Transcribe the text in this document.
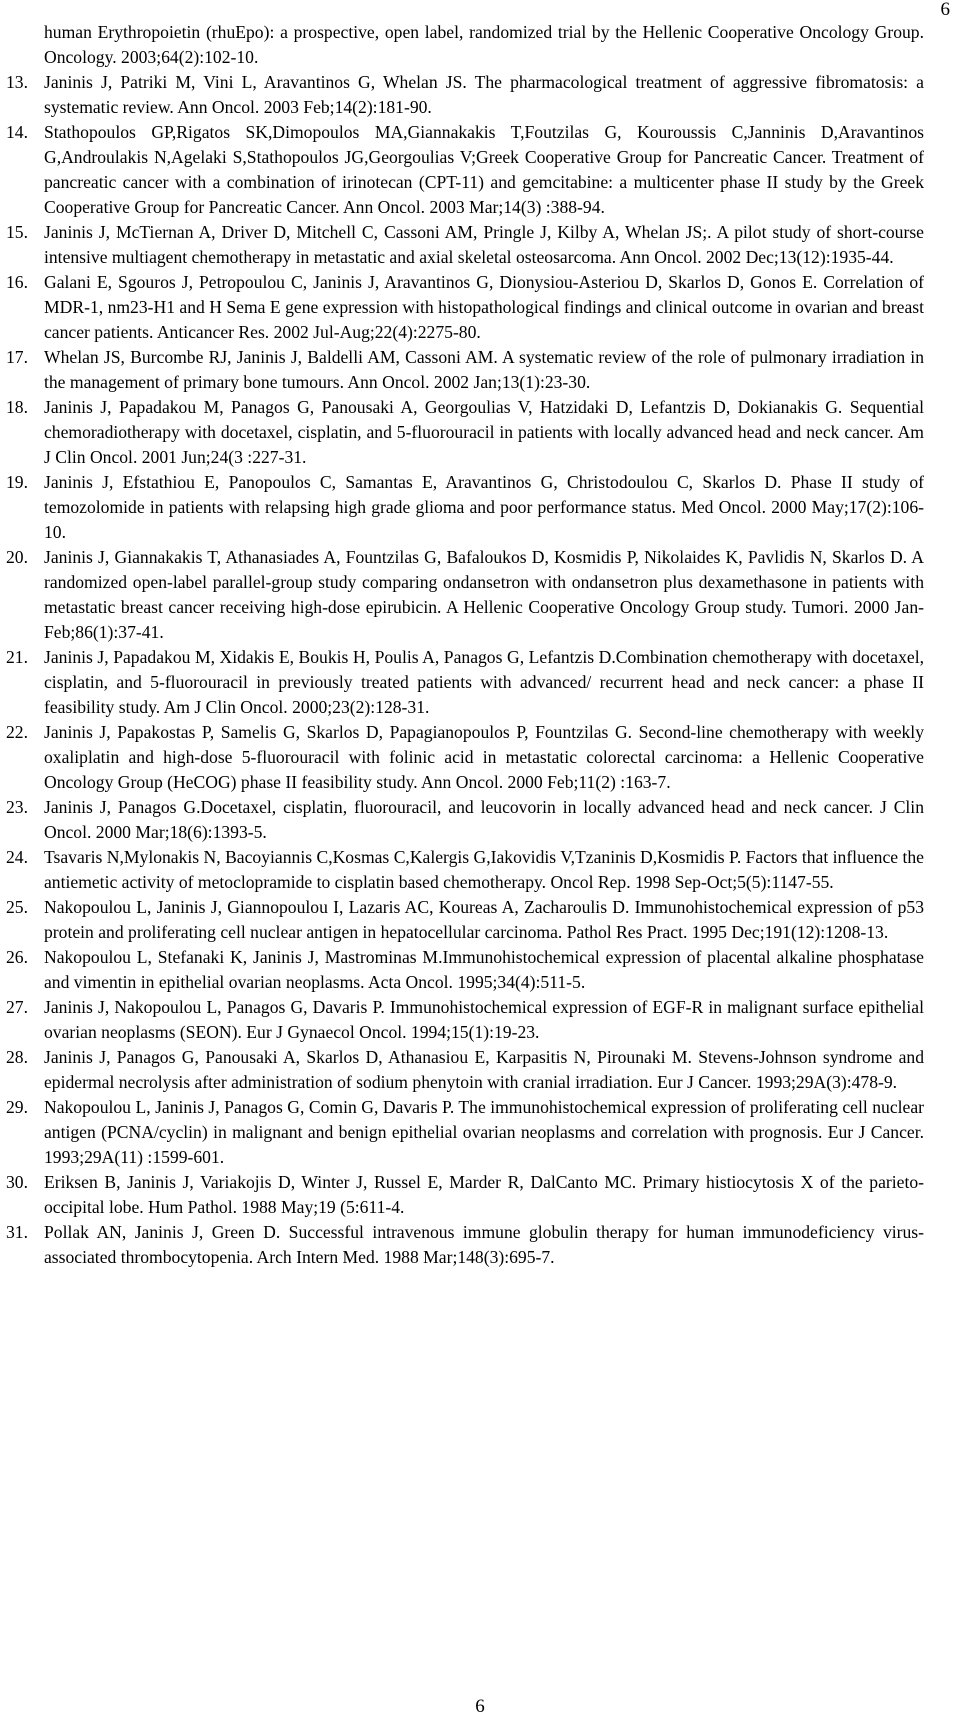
6
human Erythropoietin (rhuEpo): a prospective, open label, randomized trial by the Hellenic Cooperative Oncology Group. Oncology. 2003;64(2):102-10.
13. Janinis J, Patriki M, Vini L, Aravantinos G, Whelan JS. The pharmacological treatment of aggressive fibromatosis: a systematic review. Ann Oncol. 2003 Feb;14(2):181-90.
14. Stathopoulos GP,Rigatos SK,Dimopoulos MA,Giannakakis T,Foutzilas G, Kouroussis C,Janninis D,Aravantinos G,Androulakis N,Agelaki S,Stathopoulos JG,Georgoulias V;Greek Cooperative Group for Pancreatic Cancer. Treatment of pancreatic cancer with a combination of irinotecan (CPT-11) and gemcitabine: a multicenter phase II study by the Greek Cooperative Group for Pancreatic Cancer. Ann Oncol. 2003 Mar;14(3) :388-94.
15. Janinis J, McTiernan A, Driver D, Mitchell C, Cassoni AM, Pringle J, Kilby A, Whelan JS;. A pilot study of short-course intensive multiagent chemotherapy in metastatic and axial skeletal osteosarcoma. Ann Oncol. 2002 Dec;13(12):1935-44.
16. Galani E, Sgouros J, Petropoulou C, Janinis J, Aravantinos G, Dionysiou-Asteriou D, Skarlos D, Gonos E. Correlation of MDR-1, nm23-H1 and H Sema E gene expression with histopathological findings and clinical outcome in ovarian and breast cancer patients. Anticancer Res. 2002 Jul-Aug;22(4):2275-80.
17. Whelan JS, Burcombe RJ, Janinis J, Baldelli AM, Cassoni AM. A systematic review of the role of pulmonary irradiation in the management of primary bone tumours. Ann Oncol. 2002 Jan;13(1):23-30.
18. Janinis J, Papadakou M, Panagos G, Panousaki A, Georgoulias V, Hatzidaki D, Lefantzis D, Dokianakis G. Sequential chemoradiotherapy with docetaxel, cisplatin, and 5-fluorouracil in patients with locally advanced head and neck cancer. Am J Clin Oncol. 2001 Jun;24(3 :227-31.
19. Janinis J, Efstathiou E, Panopoulos C, Samantas E, Aravantinos G, Christodoulou C, Skarlos D. Phase II study of temozolomide in patients with relapsing high grade glioma and poor performance status. Med Oncol. 2000 May;17(2):106-10.
20. Janinis J, Giannakakis T, Athanasiades A, Fountzilas G, Bafaloukos D, Kosmidis P, Nikolaides K, Pavlidis N, Skarlos D. A randomized open-label parallel-group study comparing ondansetron with ondansetron plus dexamethasone in patients with metastatic breast cancer receiving high-dose epirubicin. A Hellenic Cooperative Oncology Group study. Tumori. 2000 Jan-Feb;86(1):37-41.
21. Janinis J, Papadakou M, Xidakis E, Boukis H, Poulis A, Panagos G, Lefantzis D.Combination chemotherapy with docetaxel, cisplatin, and 5-fluorouracil in previously treated patients with advanced/ recurrent head and neck cancer: a phase II feasibility study. Am J Clin Oncol. 2000;23(2):128-31.
22. Janinis J, Papakostas P, Samelis G, Skarlos D, Papagianopoulos P, Fountzilas G. Second-line chemotherapy with weekly oxaliplatin and high-dose 5-fluorouracil with folinic acid in metastatic colorectal carcinoma: a Hellenic Cooperative Oncology Group (HeCOG) phase II feasibility study. Ann Oncol. 2000 Feb;11(2) :163-7.
23. Janinis J, Panagos G.Docetaxel, cisplatin, fluorouracil, and leucovorin in locally advanced head and neck cancer. J Clin Oncol. 2000 Mar;18(6):1393-5.
24. Tsavaris N,Mylonakis N, Bacoyiannis C,Kosmas C,Kalergis G,Iakovidis V,Tzaninis D,Kosmidis P. Factors that influence the antiemetic activity of metoclopramide to cisplatin based chemotherapy. Oncol Rep. 1998 Sep-Oct;5(5):1147-55.
25. Nakopoulou L, Janinis J, Giannopoulou I, Lazaris AC, Koureas A, Zacharoulis D. Immunohistochemical expression of p53 protein and proliferating cell nuclear antigen in hepatocellular carcinoma. Pathol Res Pract. 1995 Dec;191(12):1208-13.
26. Nakopoulou L, Stefanaki K, Janinis J, Mastrominas M.Immunohistochemical expression of placental alkaline phosphatase and vimentin in epithelial ovarian neoplasms. Acta Oncol. 1995;34(4):511-5.
27. Janinis J, Nakopoulou L, Panagos G, Davaris P. Immunohistochemical expression of EGF-R in malignant surface epithelial ovarian neoplasms (SEON). Eur J Gynaecol Oncol. 1994;15(1):19-23.
28. Janinis J, Panagos G, Panousaki A, Skarlos D, Athanasiou E, Karpasitis N, Pirounaki M. Stevens-Johnson syndrome and epidermal necrolysis after administration of sodium phenytoin with cranial irradiation. Eur J Cancer. 1993;29A(3):478-9.
29. Nakopoulou L, Janinis J, Panagos G, Comin G, Davaris P. The immunohistochemical expression of proliferating cell nuclear antigen (PCNA/cyclin) in malignant and benign epithelial ovarian neoplasms and correlation with prognosis. Eur J Cancer. 1993;29A(11) :1599-601.
30. Eriksen B, Janinis J, Variakojis D, Winter J, Russel E, Marder R, DalCanto MC. Primary histiocytosis X of the parieto-occipital lobe. Hum Pathol. 1988 May;19 (5:611-4.
31. Pollak AN, Janinis J, Green D. Successful intravenous immune globulin therapy for human immunodeficiency virus-associated thrombocytopenia. Arch Intern Med. 1988 Mar;148(3):695-7.
6
